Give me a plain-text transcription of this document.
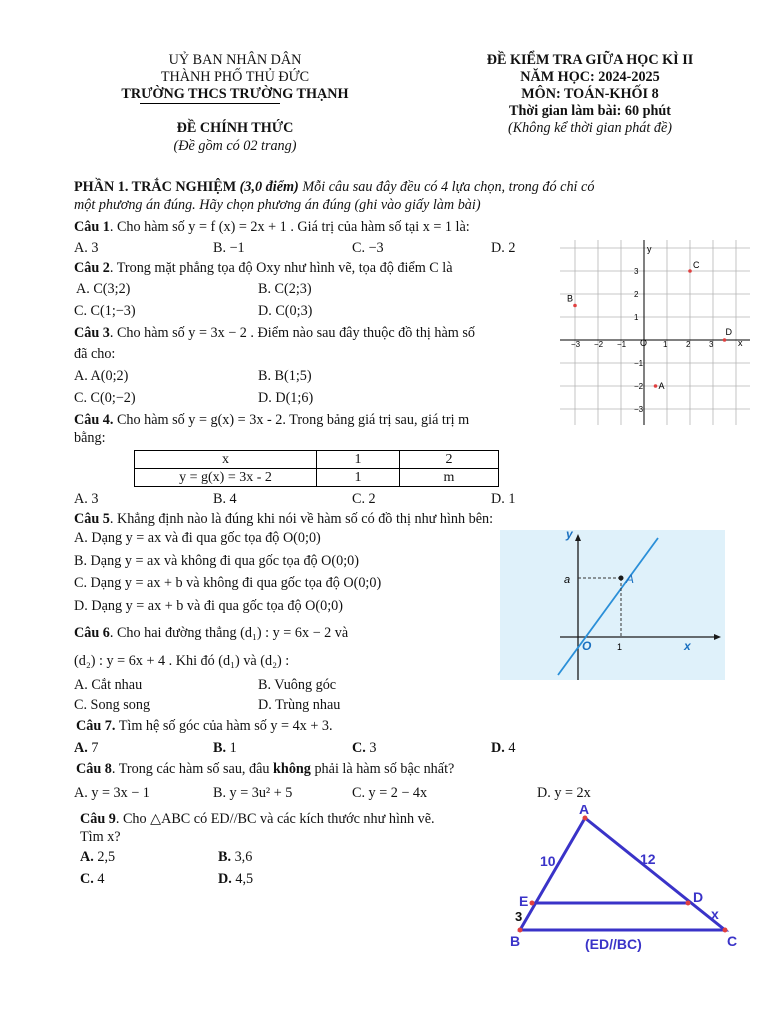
UỶ BAN NHÂN DÂN
THÀNH PHỐ THỦ ĐỨC
TRƯỜNG THCS TRƯỜNG THẠNH
ĐỀ CHÍNH THỨC
(Đề gồm có 02 trang)
ĐỀ KIỂM TRA GIỮA HỌC KÌ II
NĂM HỌC: 2024-2025
MÔN: TOÁN-KHỐI 8
Thời gian làm bài: 60 phút
(Không kể thời gian phát đề)
PHẦN 1. TRẮC NGHIỆM (3,0 điểm) Mỗi câu sau đây đều có 4 lựa chọn, trong đó chỉ có
một phương án đúng. Hãy chọn phương án đúng (ghi vào giấy làm bài)
Câu 1. Cho hàm số y = f (x) = 2x + 1 . Giá trị của hàm số tại x = 1 là:
A. 3	B. −1	C. −3	D. 2
Câu 2. Trong mặt phẳng tọa độ Oxy như hình vẽ, tọa độ điểm C là
A. C(3;2)	B. C(2;3)
C. C(1;−3)	D. C(0;3)
Câu 3. Cho hàm số y = 3x − 2 . Điểm nào sau đây thuộc đồ thị hàm số
đã cho:
A. A(0;2)	B. B(1;5)
C. C(0;−2)	D. D(1;6)
Câu 4. Cho hàm số y = g(x) = 3x - 2. Trong bảng giá trị sau, giá trị m
bằng:
x	1	2
y = g(x) = 3x - 2	1	m
A. 3	B. 4	C. 2	D. 1
Câu 5. Khẳng định nào là đúng khi nói về hàm số có đồ thị như hình bên:
A. Dạng y = ax và đi qua gốc tọa độ O(0;0)
B. Dạng y = ax và không đi qua gốc tọa độ O(0;0)
C. Dạng y = ax + b và không đi qua gốc tọa độ O(0;0)
D. Dạng y = ax + b và đi qua gốc tọa độ O(0;0)
Câu 6. Cho hai đường thẳng (d₁) : y = 6x − 2 và
(d₂) : y = 6x + 4 . Khi đó (d₁) và (d₂) :
A. Cắt nhau	B. Vuông góc
C. Song song	D. Trùng nhau
Câu 7. Tìm hệ số góc của hàm số y = 4x + 3.
A. 7	B. 1	C. 3	D. 4
Câu 8. Trong các hàm số sau, đâu không phải là hàm số bậc nhất?
A. y = 3x − 1	B. y = 3u² + 5	C. y = 2 − 4x	D. y = 2x
Câu 9. Cho △ABC có ED//BC và các kích thước như hình vẽ.
Tìm x?
A. 2,5	B. 3,6
C. 4	D. 4,5
y
x
O
−3 −2 −1	1 2 3
3
2
1
−1
−2
−3
C
B
D
A
A
a
y
x
O	1
A
B	C
E	D
10	12
3	x
(ED//BC)
